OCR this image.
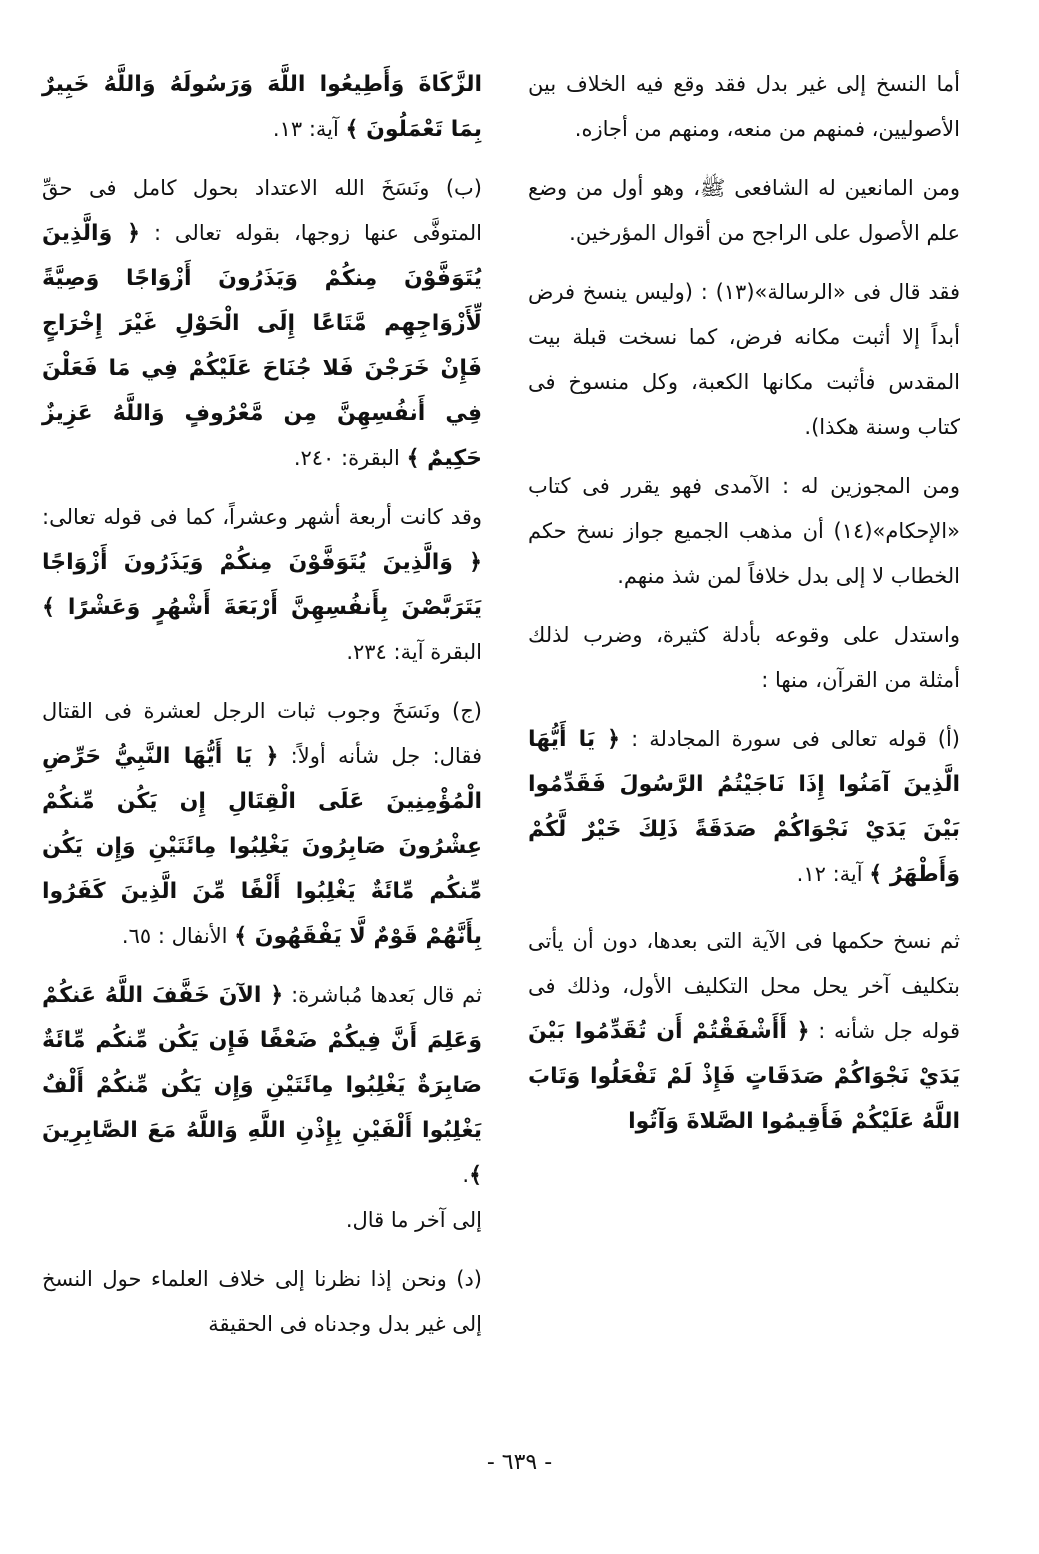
أما النسخ إلى غير بدل فقد وقع فيه الخلاف بين الأصوليين، فمنهم من منعه، ومنهم من أجازه.

ومن المانعين له الشافعى ﷺ، وهو أول من وضع علم الأصول على الراجح من أقوال المؤرخين.

فقد قال فى «الرسالة»(١٣) : (وليس ينسخ فرض أبداً إلا أثبت مكانه فرض، كما نسخت قبلة بيت المقدس فأثبت مكانها الكعبة، وكل منسوخ فى كتاب وسنة هكذا).

ومن المجوزين له : الآمدى فهو يقرر فى كتاب «الإحكام»(١٤) أن مذهب الجميع جواز نسخ حكم الخطاب لا إلى بدل خلافاً لمن شذ منهم.

واستدل على وقوعه بأدلة كثيرة، وضرب لذلك أمثلة من القرآن، منها :

(أ) قوله تعالى فى سورة المجادلة : ﴿ يَا أَيُّهَا الَّذِينَ آمَنُوا إِذَا نَاجَيْتُمُ الرَّسُولَ فَقَدِّمُوا بَيْنَ يَدَيْ نَجْوَاكُمْ صَدَقَةً ذَلِكَ خَيْرٌ لَّكُمْ وَأَطْهَرُ ﴾ آية: ١٢.

ثم نسخ حكمها فى الآية التى بعدها، دون أن يأتى بتكليف آخر يحل محل التكليف الأول، وذلك فى قوله جل شأنه : ﴿ أَأَشْفَقْتُمْ أَن تُقَدِّمُوا بَيْنَ يَدَيْ نَجْوَاكُمْ صَدَقَاتٍ فَإِذْ لَمْ تَفْعَلُوا وَتَابَ اللَّهُ عَلَيْكُمْ فَأَقِيمُوا الصَّلاةَ وَآتُوا

الزَّكَاةَ وَأَطِيعُوا اللَّهَ وَرَسُولَهُ وَاللَّهُ خَبِيرٌ بِمَا تَعْمَلُونَ ﴾ آية: ١٣.

(ب) ونَسَخَ الله الاعتداد بحول كامل فى حقِّ المتوفَّى عنها زوجها، بقوله تعالى : ﴿ وَالَّذِينَ يُتَوَفَّوْنَ مِنكُمْ وَيَذَرُونَ أَزْوَاجًا وَصِيَّةً لِّأَزْوَاجِهِم مَّتَاعًا إِلَى الْحَوْلِ غَيْرَ إِخْرَاجٍ فَإِنْ خَرَجْنَ فَلا جُنَاحَ عَلَيْكُمْ فِي مَا فَعَلْنَ فِي أَنفُسِهِنَّ مِن مَّعْرُوفٍ وَاللَّهُ عَزِيزٌ حَكِيمٌ ﴾ البقرة: ٢٤٠.

وقد كانت أربعة أشهر وعشراً، كما فى قوله تعالى: ﴿ وَالَّذِينَ يُتَوَفَّوْنَ مِنكُمْ وَيَذَرُونَ أَزْوَاجًا يَتَرَبَّصْنَ بِأَنفُسِهِنَّ أَرْبَعَةَ أَشْهُرٍ وَعَشْرًا ﴾ البقرة آية: ٢٣٤.

(ج) ونَسَخَ وجوب ثبات الرجل لعشرة فى القتال فقال: جل شأنه أولاً: ﴿ يَا أَيُّهَا النَّبِيُّ حَرِّضِ الْمُؤْمِنِينَ عَلَى الْقِتَالِ إِن يَكُن مِّنكُمْ عِشْرُونَ صَابِرُونَ يَغْلِبُوا مِائَتَيْنِ وَإِن يَكُن مِّنكُم مِّائَةٌ يَغْلِبُوا أَلْفًا مِّنَ الَّذِينَ كَفَرُوا بِأَنَّهُمْ قَوْمٌ لَّا يَفْقَهُونَ ﴾ الأنفال : ٦٥.

ثم قال بَعدها مُباشرة: ﴿ الآنَ خَفَّفَ اللَّهُ عَنكُمْ وَعَلِمَ أَنَّ فِيكُمْ ضَعْفًا فَإِن يَكُن مِّنكُم مِّائَةٌ صَابِرَةٌ يَغْلِبُوا مِائَتَيْنِ وَإِن يَكُن مِّنكُمْ أَلْفٌ يَغْلِبُوا أَلْفَيْنِ بِإِذْنِ اللَّهِ وَاللَّهُ مَعَ الصَّابِرِينَ ﴾.

إلى آخر ما قال.

(د) ونحن إذا نظرنا إلى خلاف العلماء حول النسخ إلى غير بدل وجدناه فى الحقيقة

- ٦٣٩ -
